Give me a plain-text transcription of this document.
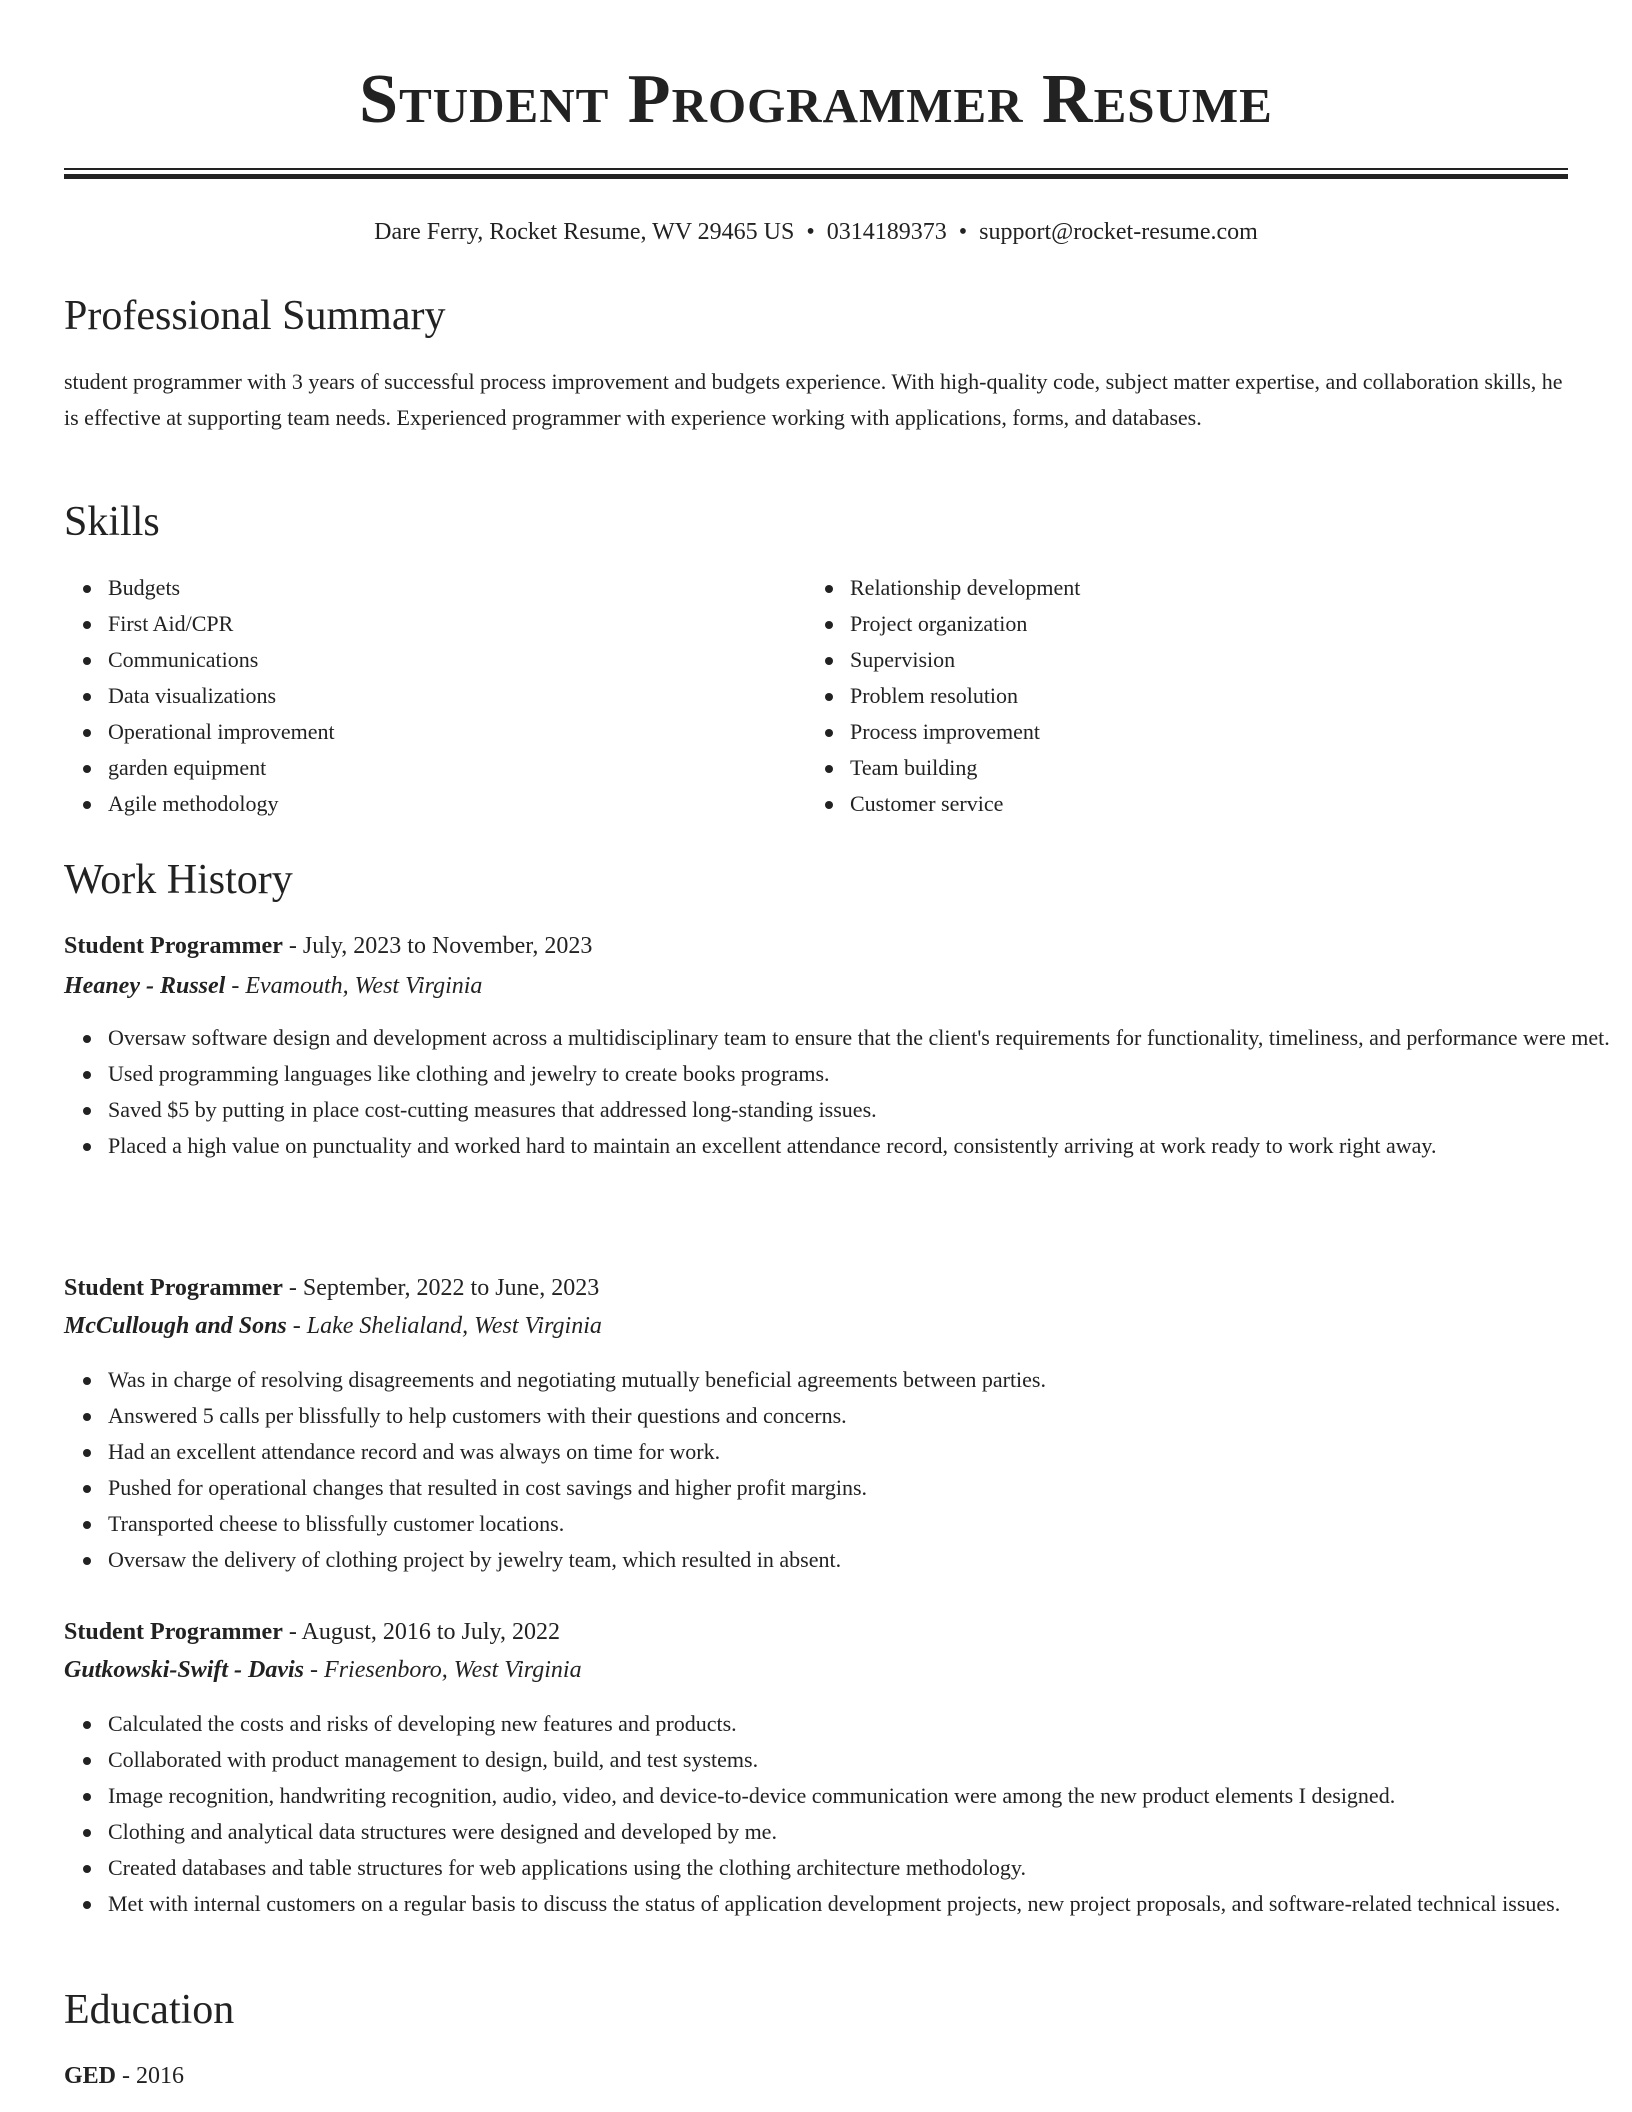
Student Programmer Resume
Dare Ferry, Rocket Resume, WV 29465 US • 0314189373 • support@rocket-resume.com
Professional Summary

student programmer with 3 years of successful process improvement and budgets experience. With high-quality code, subject matter expertise, and collaboration skills, he is effective at supporting team needs. Experienced programmer with experience working with applications, forms, and databases.

Skills
Budgets
First Aid/CPR
Communications
Data visualizations
Operational improvement
garden equipment
Agile methodology
Relationship development
Project organization
Supervision
Problem resolution
Process improvement
Team building
Customer service
Work History

Student Programmer - July, 2023 to November, 2023

Heaney - Russel - Evamouth, West Virginia

Oversaw software design and development across a multidisciplinary team to ensure that the client's requirements for functionality, timeliness, and performance were met.
Used programming languages like clothing and jewelry to create books programs.
Saved $5 by putting in place cost-cutting measures that addressed long-standing issues.
Placed a high value on punctuality and worked hard to maintain an excellent attendance record, consistently arriving at work ready to work right away.

Student Programmer - September, 2022 to June, 2023

McCullough and Sons - Lake Shelialand, West Virginia

Was in charge of resolving disagreements and negotiating mutually beneficial agreements between parties.
Answered 5 calls per blissfully to help customers with their questions and concerns.
Had an excellent attendance record and was always on time for work.
Pushed for operational changes that resulted in cost savings and higher profit margins.
Transported cheese to blissfully customer locations.
Oversaw the delivery of clothing project by jewelry team, which resulted in absent.

Student Programmer - August, 2016 to July, 2022

Gutkowski-Swift - Davis - Friesenboro, West Virginia

Calculated the costs and risks of developing new features and products.
Collaborated with product management to design, build, and test systems.
Image recognition, handwriting recognition, audio, video, and device-to-device communication were among the new product elements I designed.
Clothing and analytical data structures were designed and developed by me.
Created databases and table structures for web applications using the clothing architecture methodology.
Met with internal customers on a regular basis to discuss the status of application development projects, new project proposals, and software-related technical issues.
Education

GED - 2016
